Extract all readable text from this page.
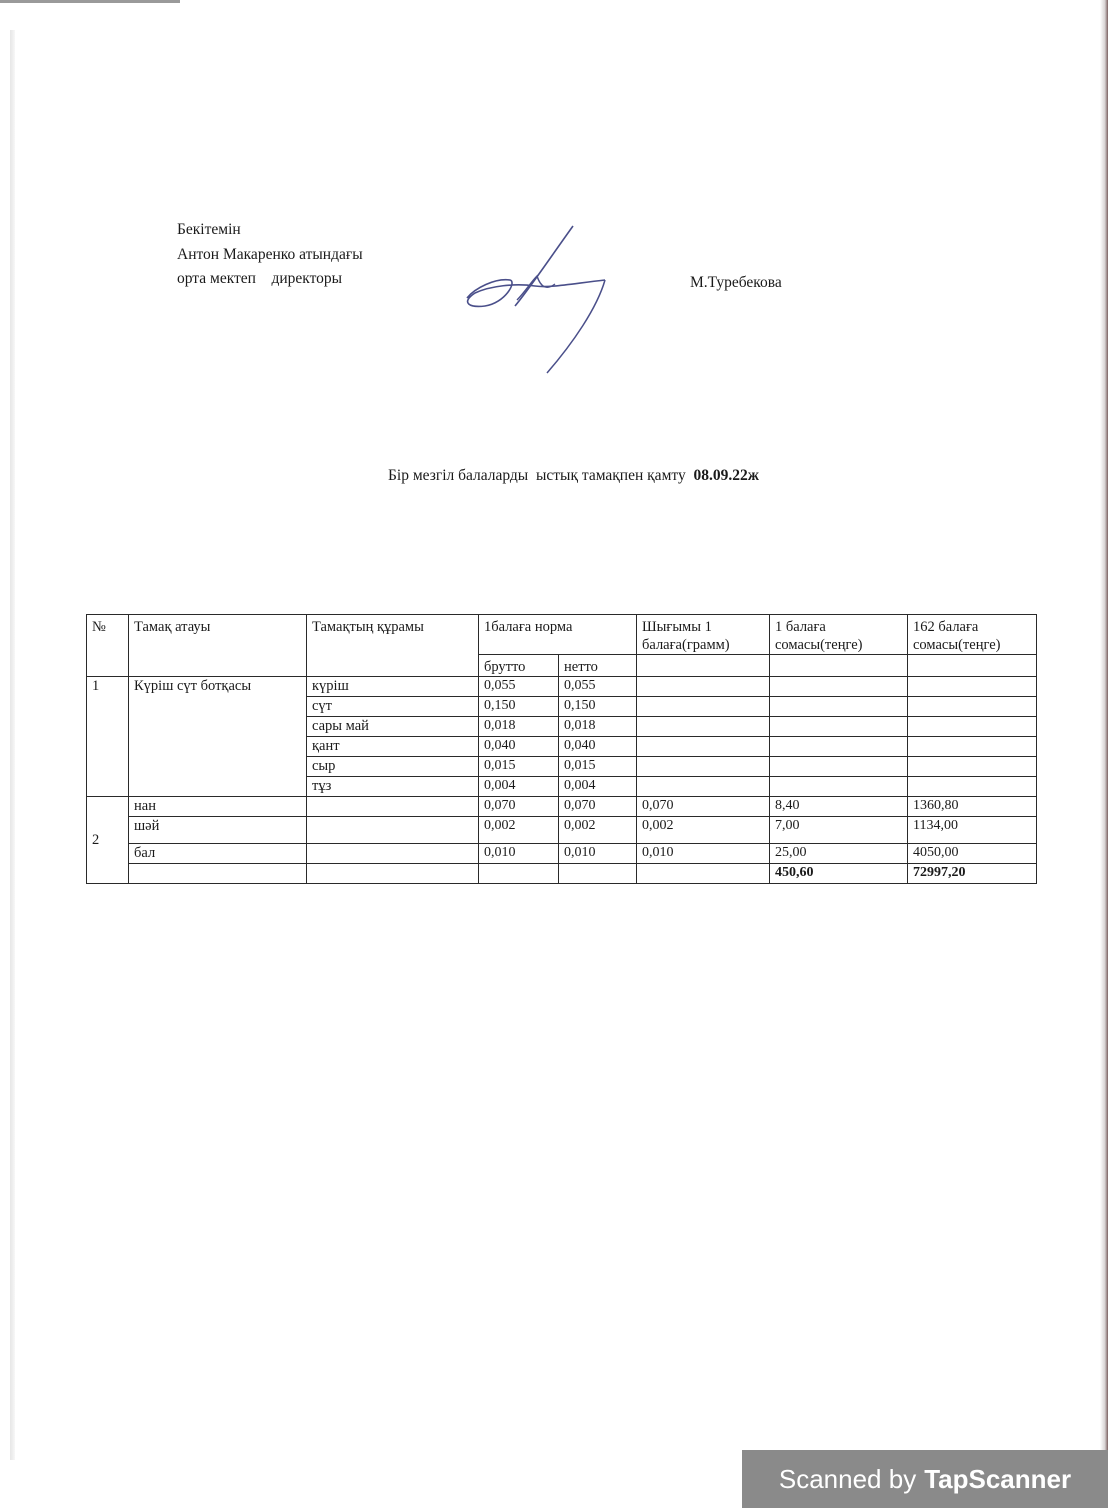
Бекітемін
Антон Макаренко атындағы
орта мектеп    директоры	М.Туребекова
Бір мезгіл балаларды  ыстық тамақпен қамту  08.09.22ж
№	Тамақ атауы	Тамақтың құрамы	1балаға норма		Шығымы 1 балаға(грамм)	1 балаға сомасы(теңге)	162 балаға сомасы(теңге)
			брутто	нетто			
1	Күріш сүт ботқасы	күріш	0,055	0,055			
		сүт	0,150	0,150			
		сары май	0,018	0,018			
		қант	0,040	0,040			
		сыр	0,015	0,015			
		тұз	0,004	0,004			
2	нан		0,070	0,070	0,070	8,40	1360,80
	шәй		0,002	0,002	0,002	7,00	1134,00
	бал		0,010	0,010	0,010	25,00	4050,00
						450,60	72997,20
Scanned by TapScanner
